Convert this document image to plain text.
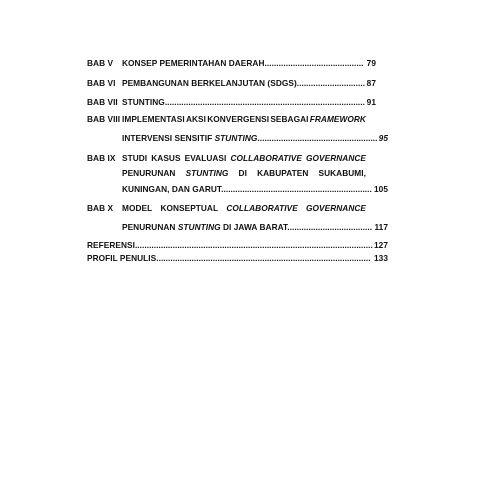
BAB V KONSEP PEMERINTAHAN DAERAH.......................................... 79
BAB VI PEMBANGUNAN BERKELANJUTAN (SDGS)............................. 87
BAB VII STUNTING..................................................................................... 91
BAB VIII IMPLEMENTASI AKSI KONVERGENSI SEBAGAI FRAMEWORK
INTERVENSI SENSITIF STUNTING................................................... 95
BAB IX STUDI KASUS EVALUASI COLLABORATIVE GOVERNANCE
PENURUNAN STUNTING DI KABUPATEN SUKABUMI,
KUNINGAN, DAN GARUT................................................................ 105
BAB X MODEL KONSEPTUAL COLLABORATIVE GOVERNANCE
PENURUNAN STUNTING DI JAWA BARAT.................................... 117
REFERENSI..................................................................................................... 127
PROFIL PENULIS........................................................................................... 133
